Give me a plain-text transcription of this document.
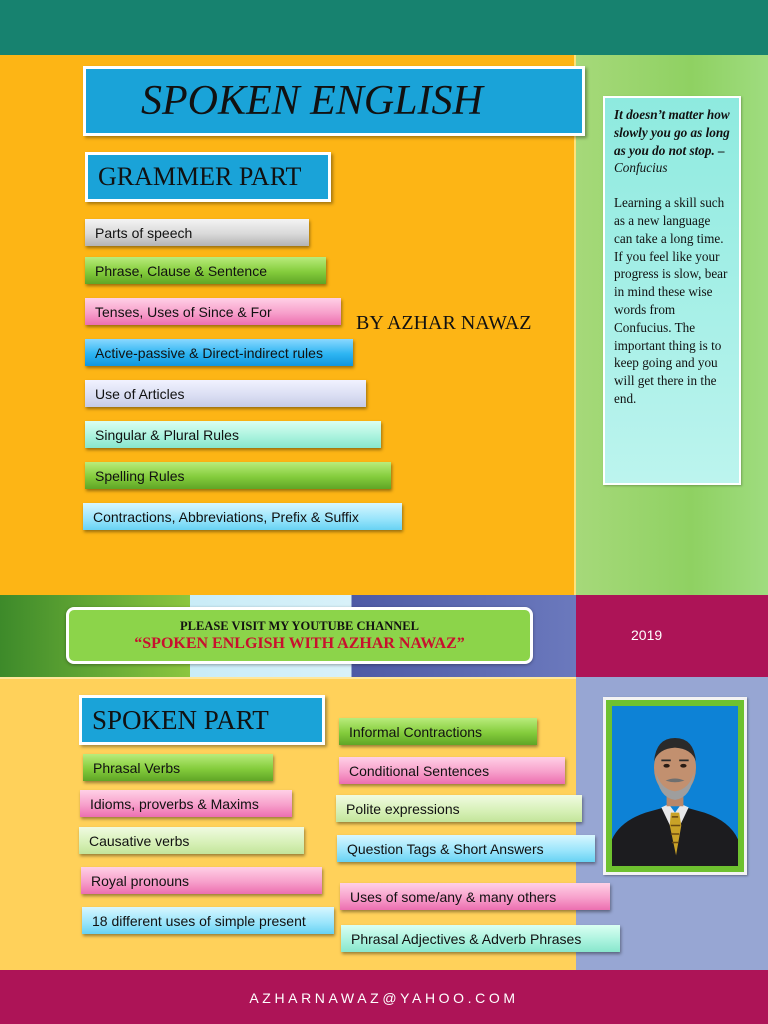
SPOKEN ENGLISH
GRAMMER PART
Parts of speech
Phrase, Clause & Sentence
Tenses, Uses of Since & For
Active-passive & Direct-indirect rules
Use of Articles
Singular & Plural Rules
Spelling Rules
Contractions, Abbreviations, Prefix & Suffix
BY AZHAR NAWAZ
It doesn’t matter how slowly you go as long as you do not stop. – Confucius
Learning a skill such as a new language can take a long time. If you feel like your progress is slow, bear in mind these wise words from Confucius. The important thing is to keep going and you will get there in the end.
PLEASE VISIT MY YOUTUBE CHANNEL
“SPOKEN ENLGISH WITH AZHAR NAWAZ”	2019
SPOKEN PART
Phrasal Verbs
Idioms, proverbs & Maxims
Causative verbs
Royal pronouns
18 different uses of simple present
Informal Contractions
Conditional Sentences
Polite expressions
Question Tags & Short Answers
Uses of some/any & many others
Phrasal Adjectives & Adverb Phrases
AZHARNAWAZ@YAHOO.COM
